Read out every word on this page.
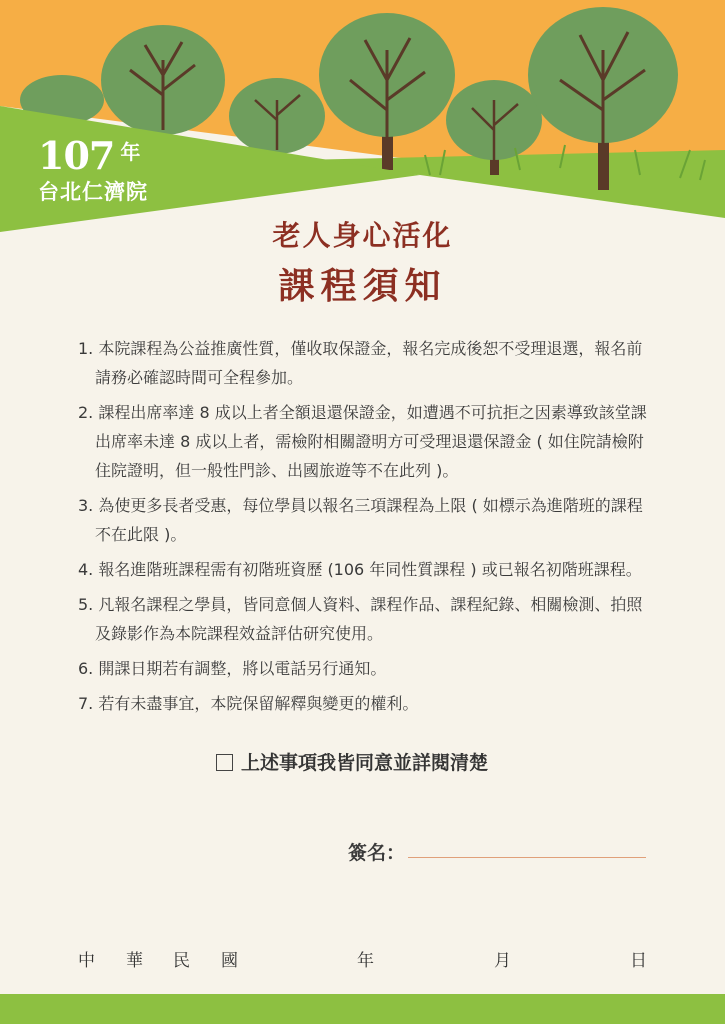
107 年
台北仁濟院
老人身心活化
課程須知
1. 本院課程為公益推廣性質，僅收取保證金，報名完成後恕不受理退選，報名前請務必確認時間可全程參加。
2. 課程出席率達 8 成以上者全額退還保證金，如遭遇不可抗拒之因素導致該堂課出席率未達 8 成以上者，需檢附相關證明方可受理退還保證金 ( 如住院請檢附住院證明，但一般性門診、出國旅遊等不在此列 )。
3. 為使更多長者受惠，每位學員以報名三項課程為上限 ( 如標示為進階班的課程不在此限 )。
4. 報名進階班課程需有初階班資歷 (106 年同性質課程 ) 或已報名初階班課程。
5. 凡報名課程之學員，皆同意個人資料、課程作品、課程紀錄、相關檢測、拍照及錄影作為本院課程效益評估研究使用。
6. 開課日期若有調整，將以電話另行通知。
7. 若有未盡事宜，本院保留解釋與變更的權利。
上述事項我皆同意並詳閱清楚
簽名：
中 華 民 國	年	月	日
